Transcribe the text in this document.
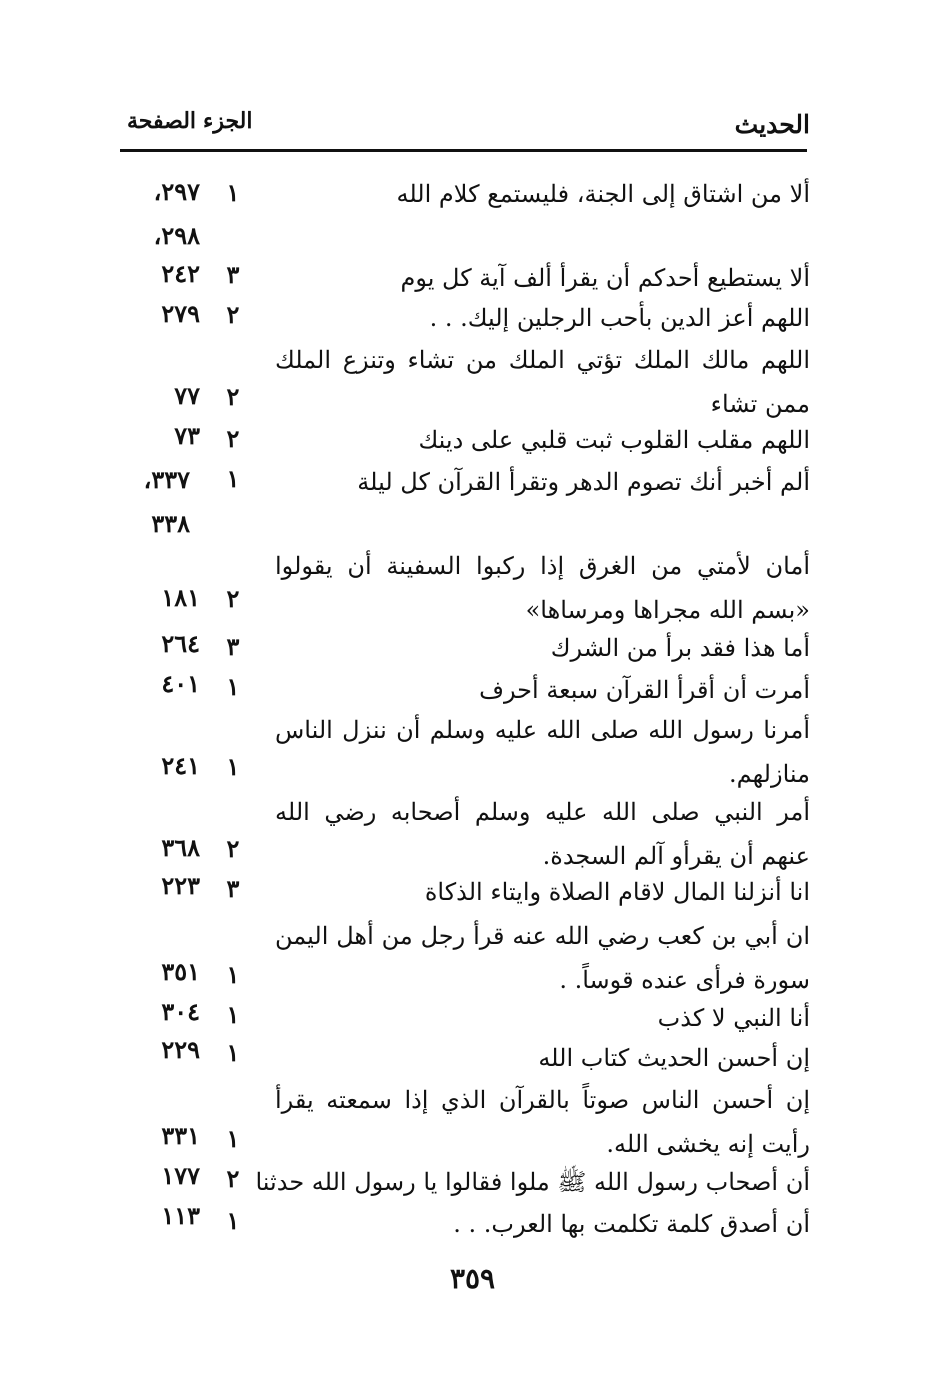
الحديث
الجزء
الصفحة
ألا من اشتاق إلى الجنة، فليستمع كلام الله
١
٢٩٧، ٢٩٨،
ألا يستطيع أحدكم أن يقرأ ألف آية كل يوم
٣
٢٤٢
اللهم أعز الدين بأحب الرجلين إليك. . .
٢
٢٧٩
اللهم مالك الملك تؤتي الملك من تشاء وتنزع الملك ممن تشاء
٢
٧٧
اللهم مقلب القلوب ثبت قلبي على دينك
٢
٧٣
ألم أخبر أنك تصوم الدهر وتقرأ القرآن كل ليلة
١
٣٣٧، ٣٣٨
أمان لأمتي من الغرق إذا ركبوا السفينة أن يقولوا «بسم الله مجراها ومرساها»
٢
١٨١
أما هذا فقد برأ من الشرك
٣
٢٦٤
أمرت أن أقرأ القرآن سبعة أحرف
١
٤٠١
أمرنا رسول الله صلى الله عليه وسلم أن ننزل الناس منازلهم.
١
٢٤١
أمر النبي صلى الله عليه وسلم أصحابه رضي الله عنهم أن يقرأو آلم السجدة.
٢
٣٦٨
انا أنزلنا المال لاقام الصلاة وايتاء الذكاة
٣
٢٢٣
ان أبي بن كعب رضي الله عنه قرأ رجل من أهل اليمن سورة فرأى عنده قوساً. .
١
٣٥١
أنا النبي لا كذب
١
٣٠٤
إن أحسن الحديث كتاب الله
١
٢٢٩
إن أحسن الناس صوتاً بالقرآن الذي إذا سمعته يقرأ رأيت إنه يخشى الله.
١
٣٣١
أن أصحاب رسول الله ﷺ ملوا فقالوا يا رسول الله حدثنا
٢
١٧٧
أن أصدق كلمة تكلمت بها العرب. . .
١
١١٣
٣٥٩
